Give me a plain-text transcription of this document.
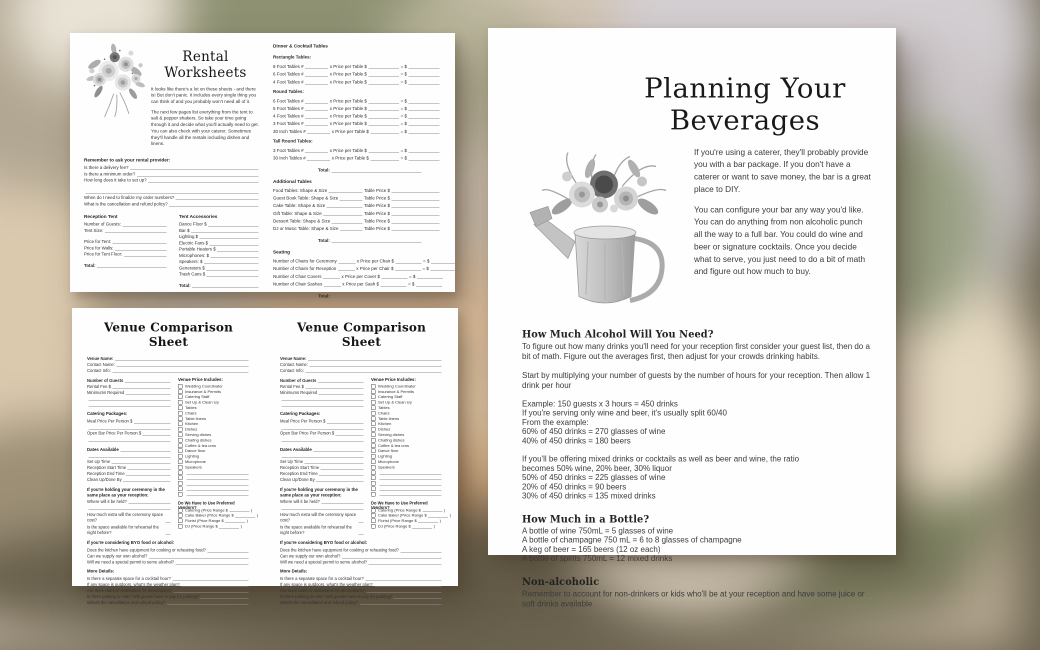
Rental
Worksheets

It looks like there's a lot on these sheets - and there is! But don't panic. It includes every single thing you can think of and you probably won't need all of it.

The next few pages list everything from the tent to salt & pepper shakers. So take your time going through it and decide what you'll actually need to get. You can also check with your caterer. Sometimes they'll handle all the rentals including dishes and linens.

Remember to ask your rental provider:
Is there a delivery fee?
Is there a minimum order?
How long does it take to set up?
When do I need to finalize my order numbers?
What is the cancellation and refund policy?
Reception Tent
Number of Guests:
Tent Size:
Price for Tent:
Price for Walls:
Price for Tent Floor:
Total:
Tent Accessories
Dance Floor $
Bar $
Lighting $
Electric Fans $
Portable Heaters $
Microphones: $
Speakers: $
Generators $
Trash Cans $
Total:
Dinner & Cocktail Tables
Rectangle Tables:
8 Foot Tables #	x Price per Table $	= $
6 Foot Tables #	x Price per Table $	= $
4 Foot Tables #	x Price per Table $	= $
Round Tables:
6 Foot Tables #	x Price per Table $	= $
5 Foot Tables #	x Price per Table $	= $
4 Foot Tables #	x Price per Table $	= $
3 Foot Tables #	x Price per Table $	= $
30 Inch Tables #	x Price per Table $	= $
Tall Round Tables:
3 Foot Tables #	x Price per Table $	= $
30 Inch Tables #	x Price per Table $	= $
Total:
Additional Tables
Food Tables: Shape & Size	Table Price $
Guest Book Table: Shape & Size	Table Price $
Cake Table: Shape & Size	Table Price $
Gift Table: Shape & Size	Table Price $
Dessert Table: Shape & Size	Table Price $
DJ or Music Table: Shape & Size	Table Price $
Total:
Seating
Number of Chairs for Ceremony x Price per Chair $	= $
Number of Chairs for Reception x Price per Chair $	= $
Number of Chair Covers x Price per Cover $	= $
Number of Chair Sashes x Price per Sash $	= $
Total:
Venue Comparison Sheet
Venue Name:
Contact Name:
Contact Info:
Number of Guests
Rental Fee $
Minimums Required
Catering Packages:
Meal Price Per Person $
Open Bar Price Per Person $
Dates Available
Set Up Time
Reception Start Time
Reception End Time
Clean Up/Done By
If you're holding your ceremony in the same place as your reception:
Where will it be held?
How much extra will the ceremony space cost?
Is the space available for rehearsal the night before?
Venue Price Includes:
Wedding Coordinator
Insurance & Permits
Catering Staff
Set Up & Clean Up
Tables
Chairs
Table linens
Kitchen
Dishes
Serving dishes
Chafing dishes
Coffee & tea urns
Dance floor
Lighting
Microphone
Speakers
Do We Have to Use Preferred Vendors?
Catering (Price Range $	)
Cake Baker (Price Range $	)
Florist (Price Range $	)
DJ (Price Range $	)
If you're considering BYO food or alcohol:
Does the kitchen have equipment for cooking or reheating food?
Can we supply our own alcohol?
Will we need a special permit to serve alcohol?
More Details:
Is there a separate space for a cocktail hour?
If any space is outdoors, what's the weather plan?
Are there rules or restrictions for decorations?
Is there parking on site? Will guests have to pay for parking?
What's the cancellation and refund policy?
Venue Comparison Sheet
Venue Name:
Contact Name:
Contact Info:
Number of Guests
Rental Fee $
Minimums Required
Catering Packages:
Meal Price Per Person $
Open Bar Price Per Person $
Dates Available
Set Up Time
Reception Start Time
Reception End Time
Clean Up/Done By
If you're holding your ceremony in the same place as your reception:
Where will it be held?
How much extra will the ceremony space cost?
Is the space available for rehearsal the night before?
Venue Price Includes:
Wedding Coordinator
Insurance & Permits
Catering Staff
Set Up & Clean Up
Tables
Chairs
Table linens
Kitchen
Dishes
Serving dishes
Chafing dishes
Coffee & tea urns
Dance floor
Lighting
Microphone
Speakers
Do We Have to Use Preferred Vendors?
Catering (Price Range $	)
Cake Baker (Price Range $	)
Florist (Price Range $	)
DJ (Price Range $	)
If you're considering BYO food or alcohol:
Does the kitchen have equipment for cooking or reheating food?
Can we supply our own alcohol?
Will we need a special permit to serve alcohol?
More Details:
Is there a separate space for a cocktail hour?
If any space is outdoors, what's the weather plan?
Are there rules or restrictions for decorations?
Is there parking on site? Will guests have to pay for parking?
What's the cancellation and refund policy?
Planning Your
Beverages

If you're using a caterer, they'll probably provide you with a bar package. If you don't have a caterer or want to save money, the bar is a great place to DIY.

You can configure your bar any way you'd like. You can do anything from non alcoholic punch all the way to a full bar. You could do wine and beer or signature cocktails. Once you decide what to serve, you just need to do a bit of math and figure out how much to buy.

How Much Alcohol Will You Need?

To figure out how many drinks you'll need for your reception first consider your guest list, then do a bit of math. Figure out the averages first, then adjust for your crowds drinking habits.

Start by multiplying your number of guests by the number of hours for your reception. Then allow 1 drink per hour

Example: 150 guests x 3 hours = 450 drinks
If you're serving only wine and beer, it's usually split 60/40
From the example:
60% of 450 drinks = 270 glasses of wine
40% of 450 drinks = 180 beers
If you'll be offering mixed drinks or cocktails as well as beer and wine, the ratio
becomes 50% wine, 20% beer, 30% liquor
50% of 450 drinks = 225 glasses of wine
20% of 450 drinks = 90 beers
30% of 450 drinks = 135 mixed drinks
How Much in a Bottle?
A bottle of wine 750mL = 5 glasses of wine
A bottle of champagne 750 mL = 6 to 8 glasses of champagne
A keg of beer = 165 beers (12 oz each)
A bottle of spirits 750mL = 12 mixed drinks
Non-alcoholic

Remember to account for non-drinkers or kids who'll be at your reception and have some juice or soft drinks available
